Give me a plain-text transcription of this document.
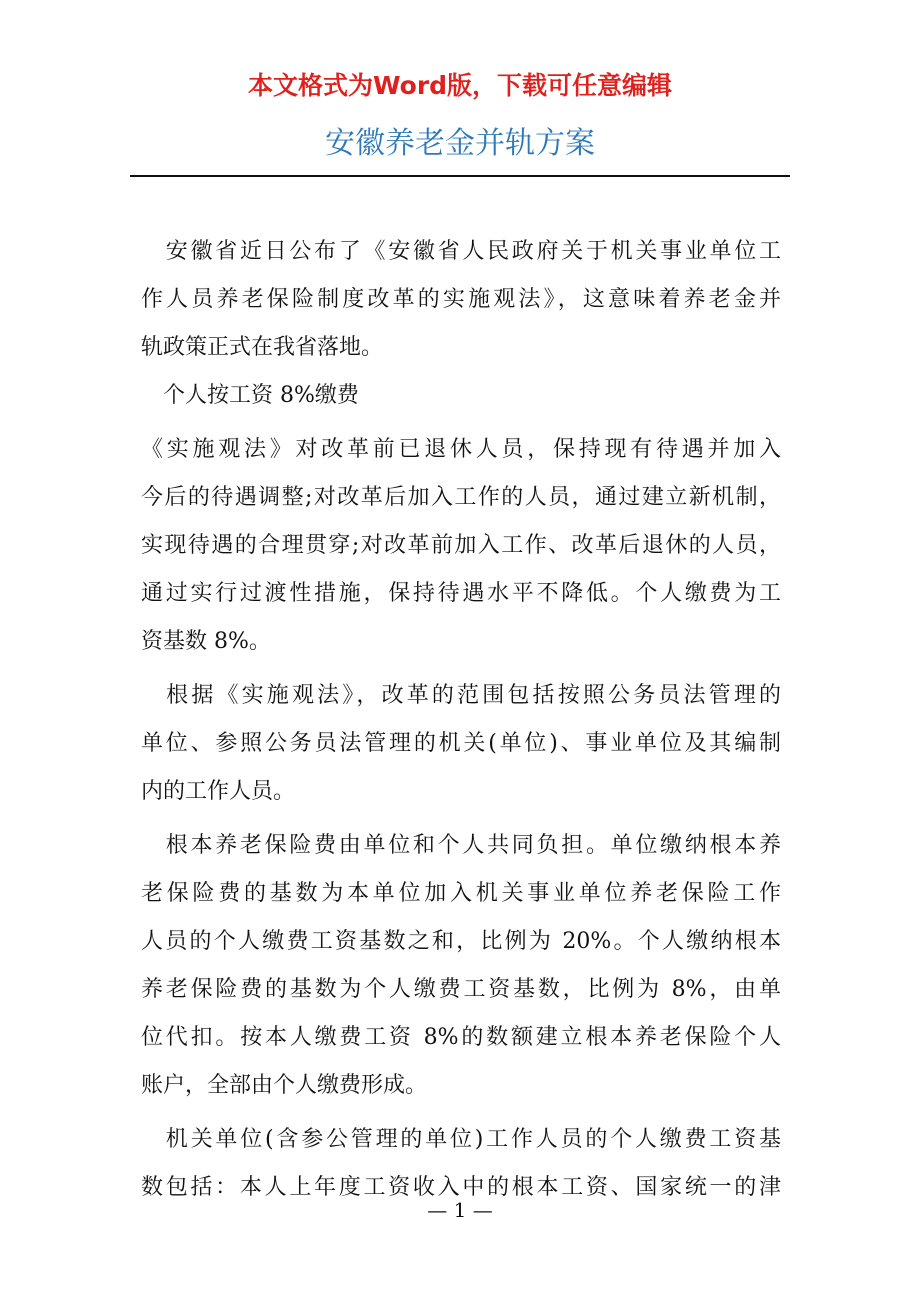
本文格式为Word版，下载可任意编辑
安徽养老金并轨方案
　安徽省近日公布了《安徽省人民政府关于机关事业单位工
作人员养老保险制度改革的实施观法》，这意味着养老金并
轨政策正式在我省落地。
　个人按工资 8%缴费
《实施观法》对改革前已退休人员，保持现有待遇并加入
今后的待遇调整;对改革后加入工作的人员，通过建立新机制，
实现待遇的合理贯穿;对改革前加入工作、改革后退休的人员，
通过实行过渡性措施，保持待遇水平不降低。个人缴费为工
资基数 8%。
　根据《实施观法》，改革的范围包括按照公务员法管理的
单位、参照公务员法管理的机关(单位)、事业单位及其编制
内的工作人员。
　根本养老保险费由单位和个人共同负担。单位缴纳根本养
老保险费的基数为本单位加入机关事业单位养老保险工作
人员的个人缴费工资基数之和，比例为 20%。个人缴纳根本
养老保险费的基数为个人缴费工资基数，比例为 8%，由单
位代扣。按本人缴费工资 8%的数额建立根本养老保险个人
账户，全部由个人缴费形成。
　机关单位(含参公管理的单位)工作人员的个人缴费工资基
数包括：本人上年度工资收入中的根本工资、国家统一的津
— 1 —
